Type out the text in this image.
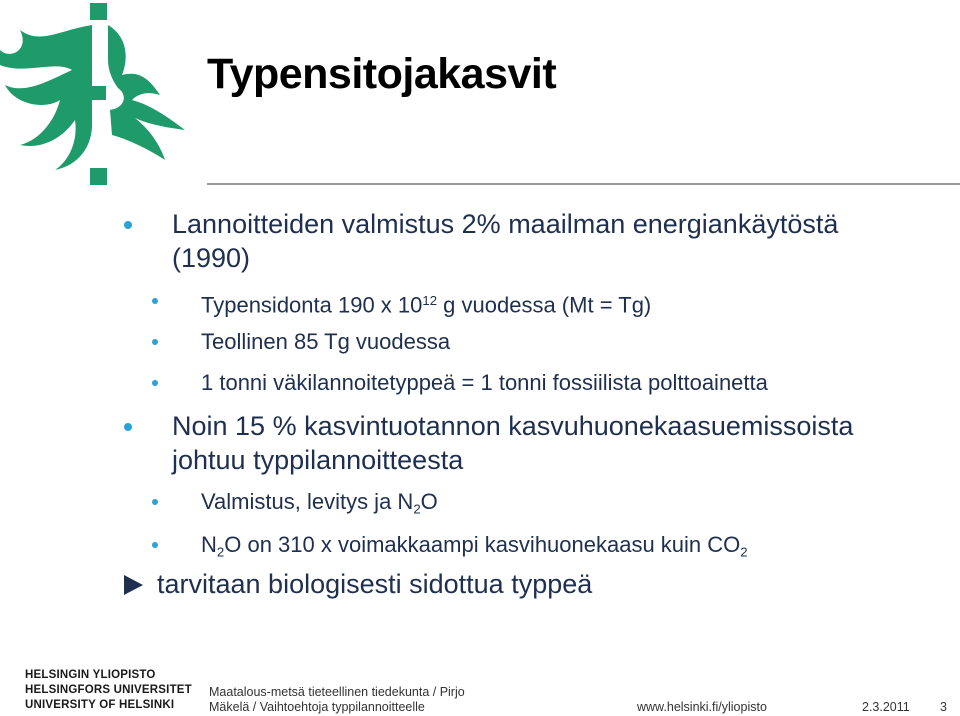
Typensitojakasvit
Lannoitteiden valmistus 2% maailman energiankäytöstä
(1990)
Typensidonta 190 x $10^{12}$ g vuodessa (Mt = Tg)
Teollinen 85 Tg vuodessa
1 tonni väkilannoitetyppeä = 1 tonni fossiilista polttoainetta
Noin 15 % kasvintuotannon kasvuhuonekaasuemissoista
johtuu typpilannoitteesta
Valmistus, levitys ja $N_2O$
$N_2O$ on 310 x voimakkaampi kasvihuonekaasu kuin $CO_2$
tarvitaan biologisesti sidottua typpeä
HELSINGIN YLIOPISTO
HELSINGFORS UNIVERSITET
UNIVERSITY OF HELSINKI
Maatalous-metsä tieteellinen tiedekunta / Pirjo
Mäkelä / Vaihtoehtoja typpilannoitteelle	www.helsinki.fi/yliopisto	2.3.2011 3
